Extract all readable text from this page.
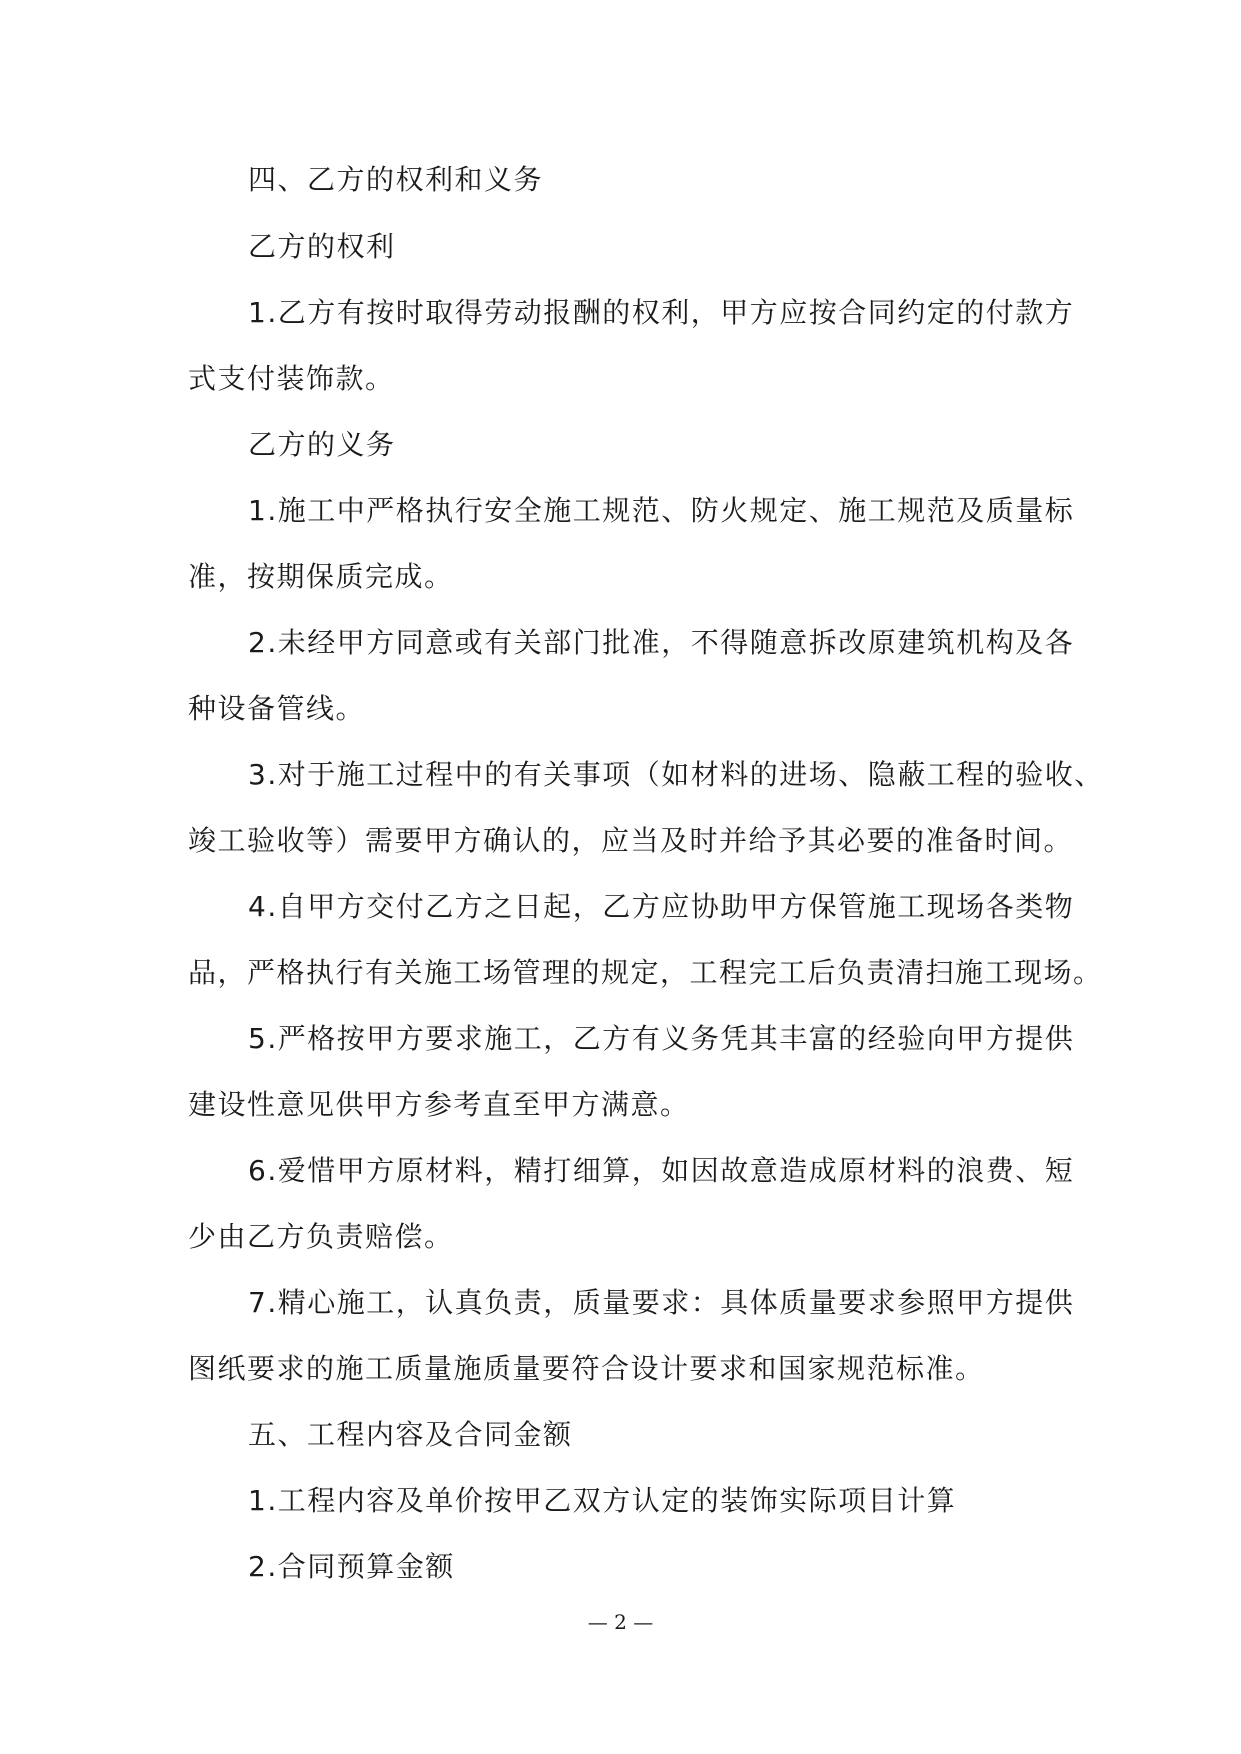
四、乙方的权利和义务
乙方的权利
1.乙方有按时取得劳动报酬的权利，甲方应按合同约定的付款方
式支付装饰款。
乙方的义务
1.施工中严格执行安全施工规范、防火规定、施工规范及质量标
准，按期保质完成。
2.未经甲方同意或有关部门批准，不得随意拆改原建筑机构及各
种设备管线。
3.对于施工过程中的有关事项（如材料的进场、隐蔽工程的验收、
竣工验收等）需要甲方确认的，应当及时并给予其必要的准备时间。
4.自甲方交付乙方之日起，乙方应协助甲方保管施工现场各类物
品，严格执行有关施工场管理的规定，工程完工后负责清扫施工现场。
5.严格按甲方要求施工，乙方有义务凭其丰富的经验向甲方提供
建设性意见供甲方参考直至甲方满意。
6.爱惜甲方原材料，精打细算，如因故意造成原材料的浪费、短
少由乙方负责赔偿。
7.精心施工，认真负责，质量要求：具体质量要求参照甲方提供
图纸要求的施工质量施质量要符合设计要求和国家规范标准。
五、工程内容及合同金额
1.工程内容及单价按甲乙双方认定的装饰实际项目计算
2.合同预算金额
— 2 —
